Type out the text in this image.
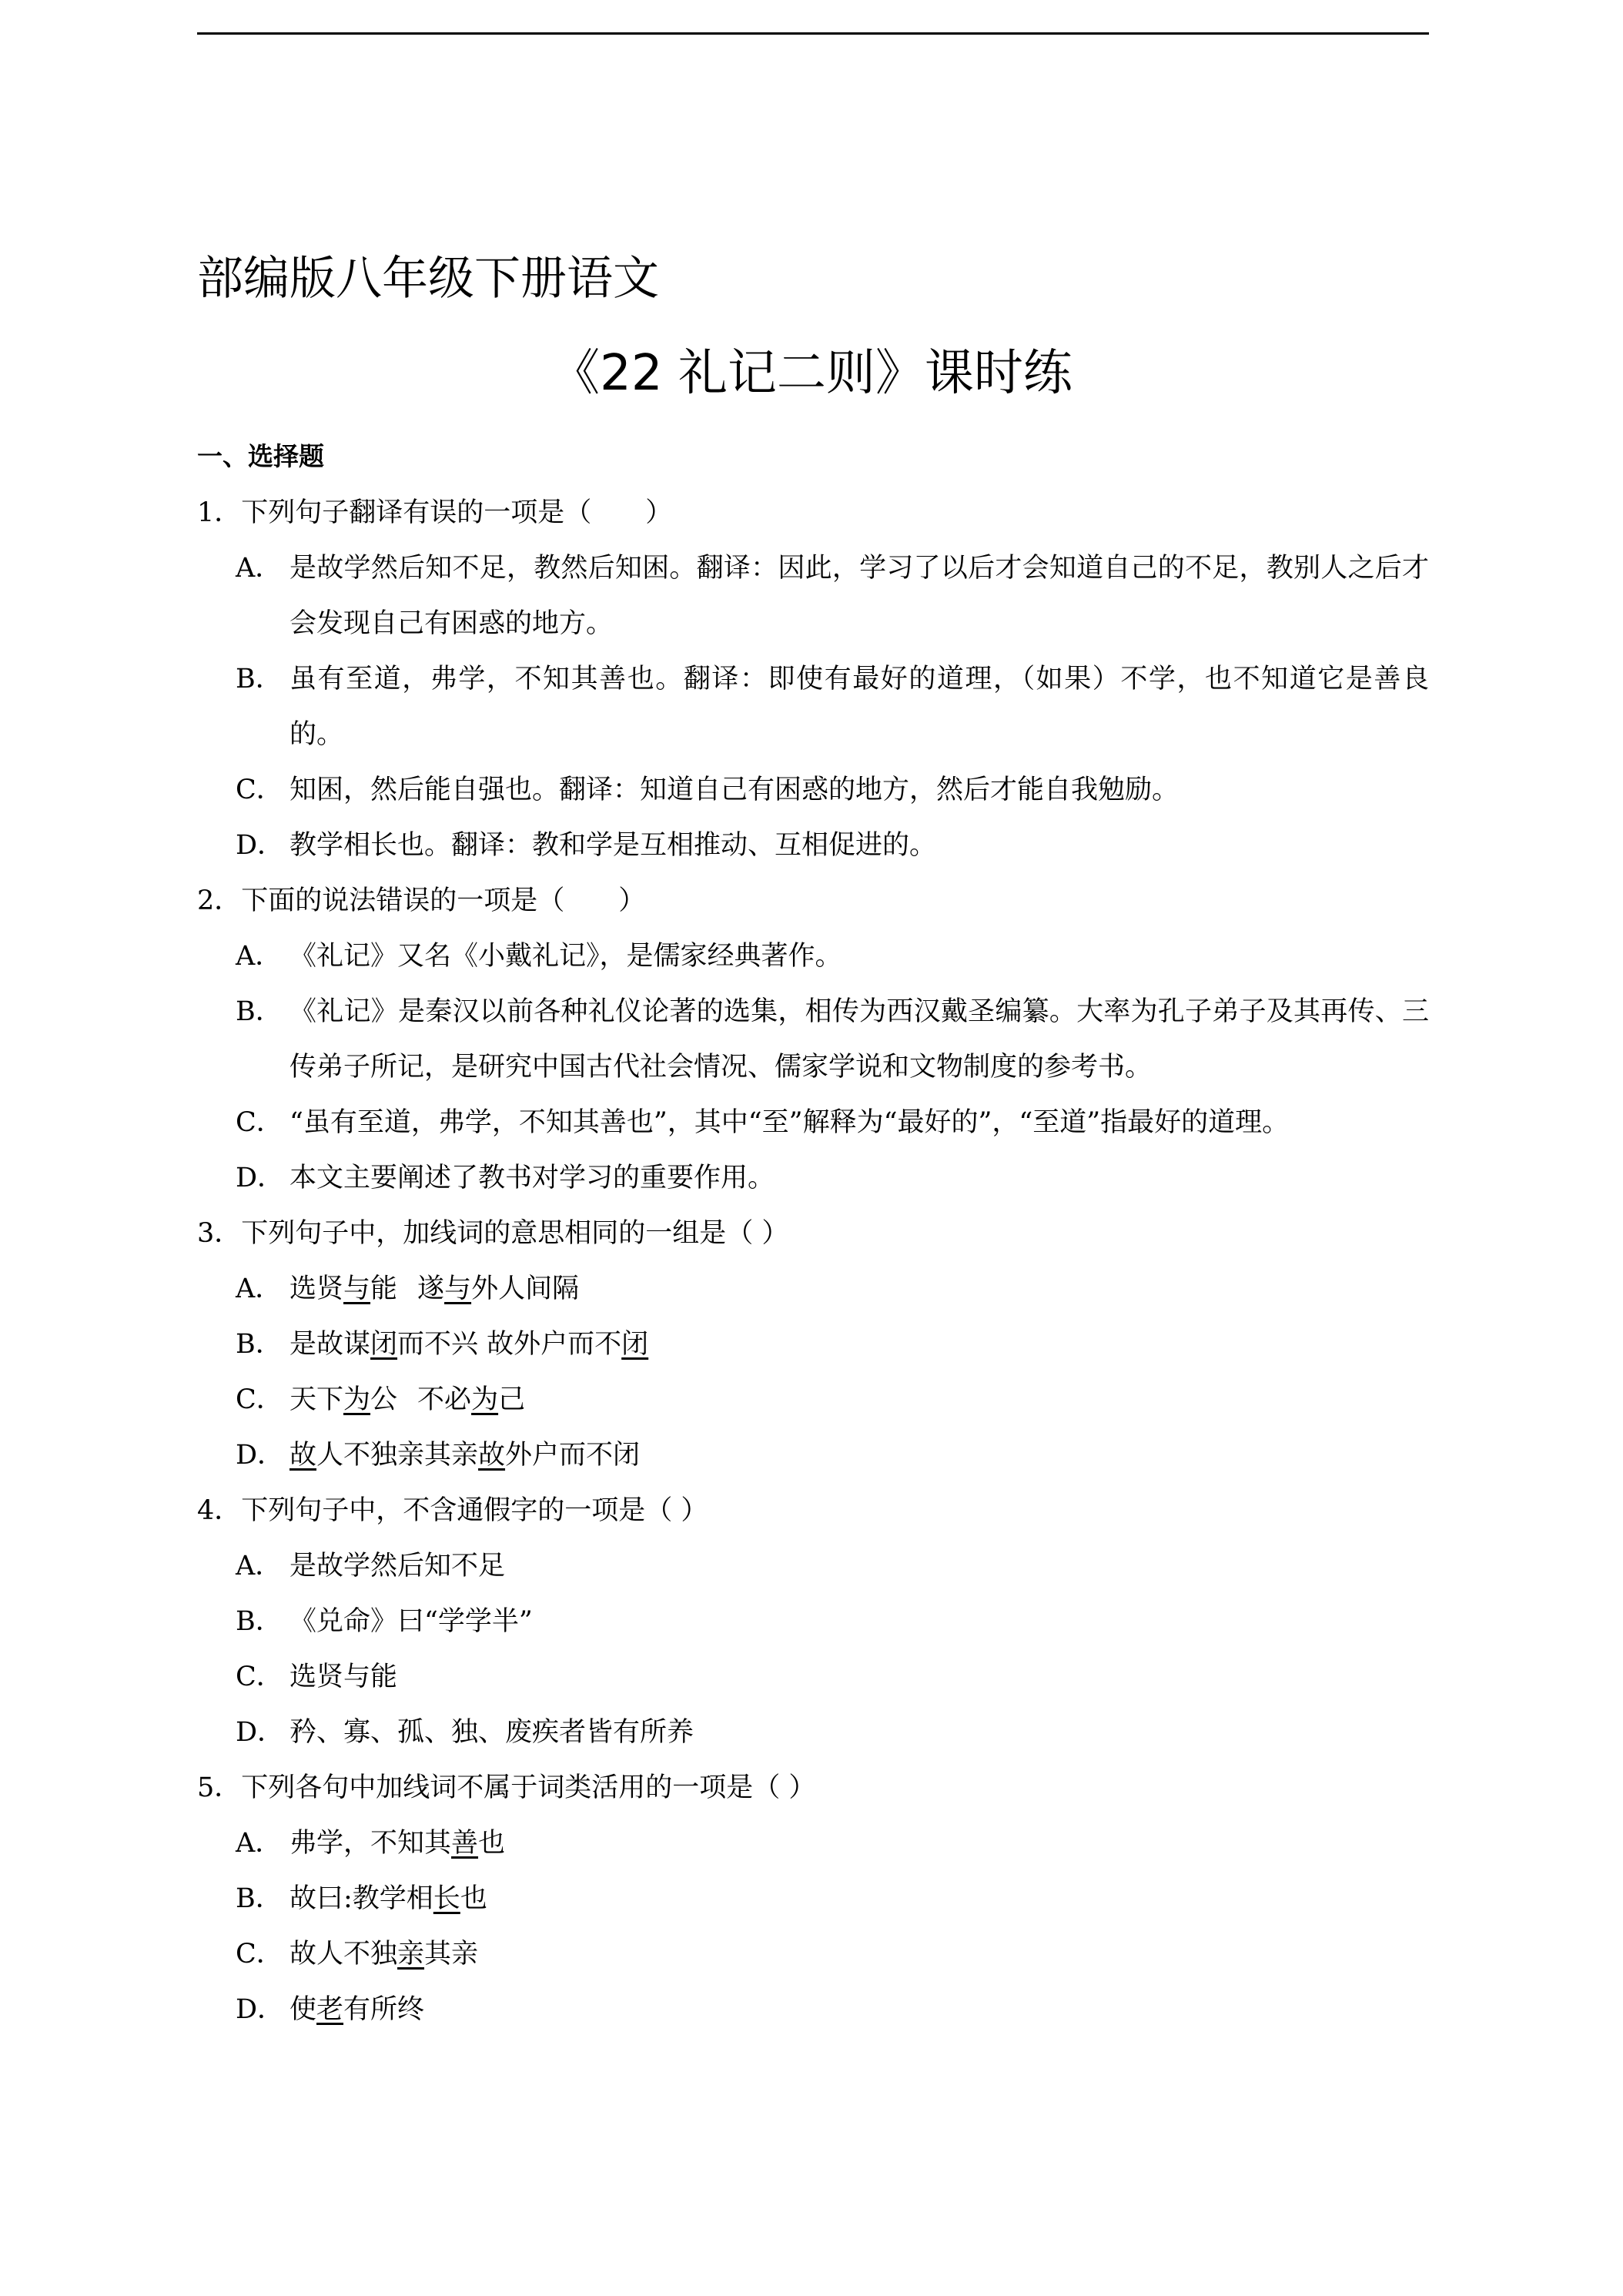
部编版八年级下册语文
《22 礼记二则》课时练
一、选择题
1．下列句子翻译有误的一项是（　　）
A． 是故学然后知不足，教然后知困。翻译：因此，学习了以后才会知道自己的不足，教别人之后才会发现自己有困惑的地方。
B． 虽有至道，弗学，不知其善也。翻译：即使有最好的道理，（如果）不学，也不知道它是善良的。
C． 知困，然后能自强也。翻译：知道自己有困惑的地方，然后才能自我勉励。
D． 教学相长也。翻译：教和学是互相推动、互相促进的。
2．下面的说法错误的一项是（　　）
A． 《礼记》又名《小戴礼记》，是儒家经典著作。
B． 《礼记》是秦汉以前各种礼仪论著的选集，相传为西汉戴圣编纂。大率为孔子弟子及其再传、三传弟子所记，是研究中国古代社会情况、儒家学说和文物制度的参考书。
C． “虽有至道，弗学，不知其善也”，其中“至”解释为“最好的”，“至道”指最好的道理。
D． 本文主要阐述了教书对学习的重要作用。
3．下列句子中，加线词的意思相同的一组是（ ）
A． 选贤与能 遂与外人间隔
B． 是故谋闭而不兴 故外户而不闭
C． 天下为公 不必为己
D． 故人不独亲其亲故外户而不闭
4．下列句子中，不含通假字的一项是（ ）
A． 是故学然后知不足
B． 《兑命》曰“学学半”
C． 选贤与能
D． 矜、寡、孤、独、废疾者皆有所养
5．下列各句中加线词不属于词类活用的一项是（ ）
A． 弗学，不知其善也
B． 故曰:教学相长也
C． 故人不独亲其亲
D． 使老有所终
